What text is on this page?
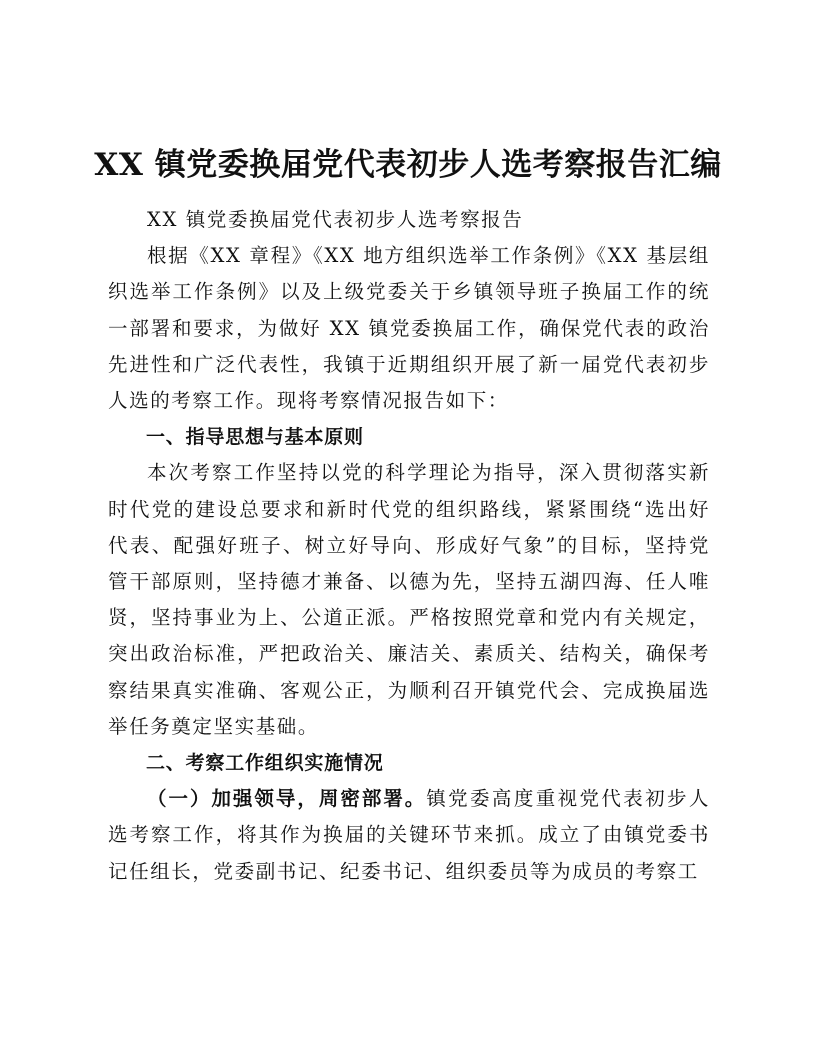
XX 镇党委换届党代表初步人选考察报告汇编

XX 镇党委换届党代表初步人选考察报告

根据《XX 章程》《XX 地方组织选举工作条例》《XX 基层组织选举工作条例》以及上级党委关于乡镇领导班子换届工作的统一部署和要求，为做好 XX 镇党委换届工作，确保党代表的政治先进性和广泛代表性，我镇于近期组织开展了新一届党代表初步人选的考察工作。现将考察情况报告如下：

一、指导思想与基本原则

本次考察工作坚持以党的科学理论为指导，深入贯彻落实新时代党的建设总要求和新时代党的组织路线，紧紧围绕“选出好代表、配强好班子、树立好导向、形成好气象”的目标，坚持党管干部原则，坚持德才兼备、以德为先，坚持五湖四海、任人唯贤，坚持事业为上、公道正派。严格按照党章和党内有关规定，突出政治标准，严把政治关、廉洁关、素质关、结构关，确保考察结果真实准确、客观公正，为顺利召开镇党代会、完成换届选举任务奠定坚实基础。

二、考察工作组织实施情况

（一）加强领导，周密部署。镇党委高度重视党代表初步人选考察工作，将其作为换届的关键环节来抓。成立了由镇党委书记任组长，党委副书记、纪委书记、组织委员等为成员的考察工
